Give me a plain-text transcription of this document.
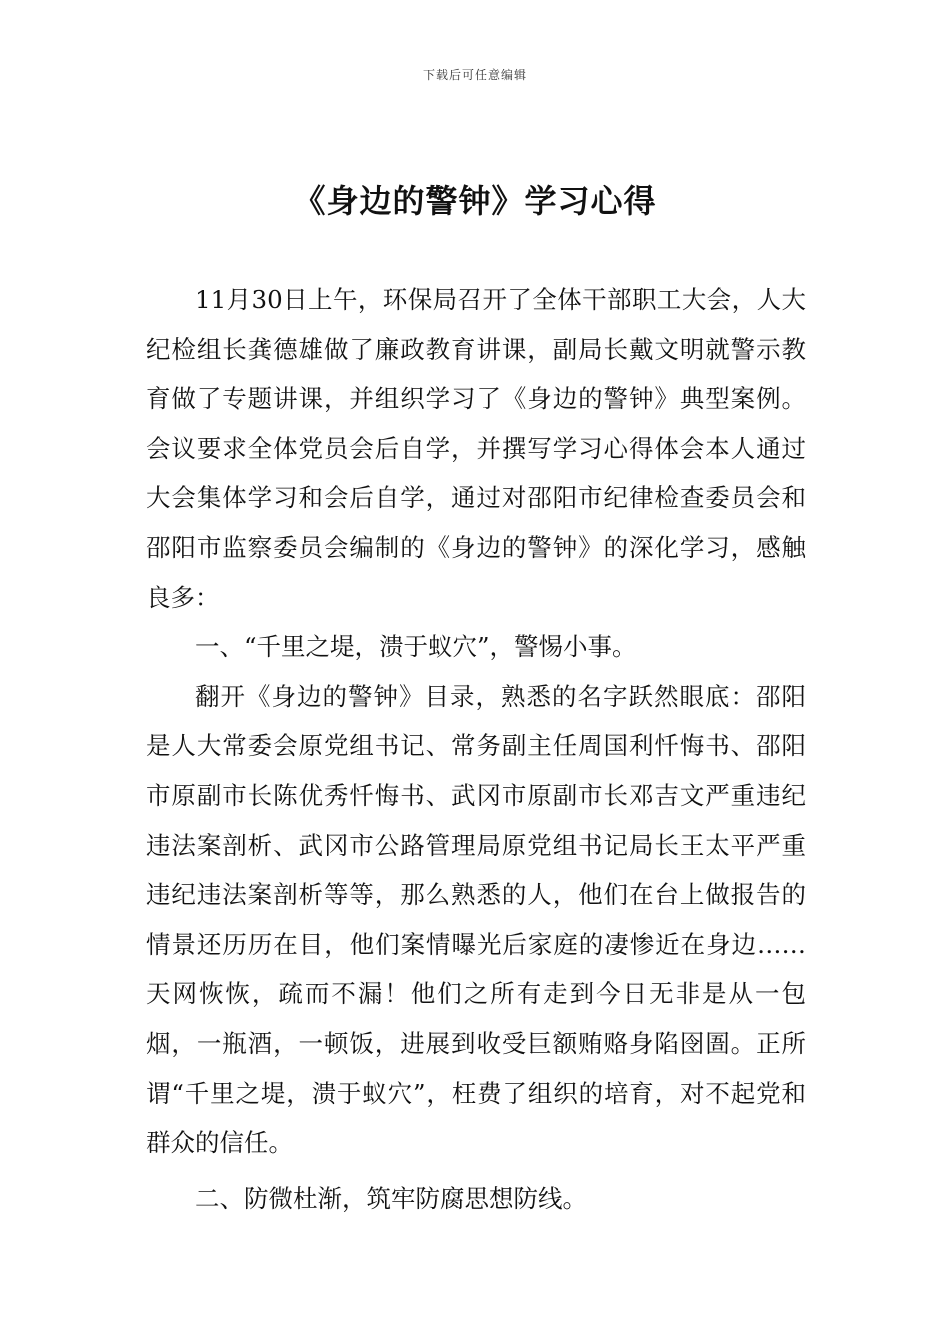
下载后可任意编辑
《身边的警钟》学习心得

11月30日上午，环保局召开了全体干部职工大会，人大纪检组长龚德雄做了廉政教育讲课，副局长戴文明就警示教育做了专题讲课，并组织学习了《身边的警钟》典型案例。会议要求全体党员会后自学，并撰写学习心得体会本人通过大会集体学习和会后自学，通过对邵阳市纪律检查委员会和邵阳市监察委员会编制的《身边的警钟》的深化学习，感触良多：

一、“千里之堤，溃于蚁穴”，警惕小事。

翻开《身边的警钟》目录，熟悉的名字跃然眼底：邵阳是人大常委会原党组书记、常务副主任周国利忏悔书、邵阳市原副市长陈优秀忏悔书、武冈市原副市长邓吉文严重违纪违法案剖析、武冈市公路管理局原党组书记局长王太平严重违纪违法案剖析等等，那么熟悉的人，他们在台上做报告的情景还历历在目，他们案情曝光后家庭的凄惨近在身边……天网恢恢，疏而不漏！他们之所有走到今日无非是从一包烟，一瓶酒，一顿饭，进展到收受巨额贿赂身陷囹圄。正所谓“千里之堤，溃于蚁穴”，枉费了组织的培育，对不起党和群众的信任。

二、防微杜渐，筑牢防腐思想防线。
